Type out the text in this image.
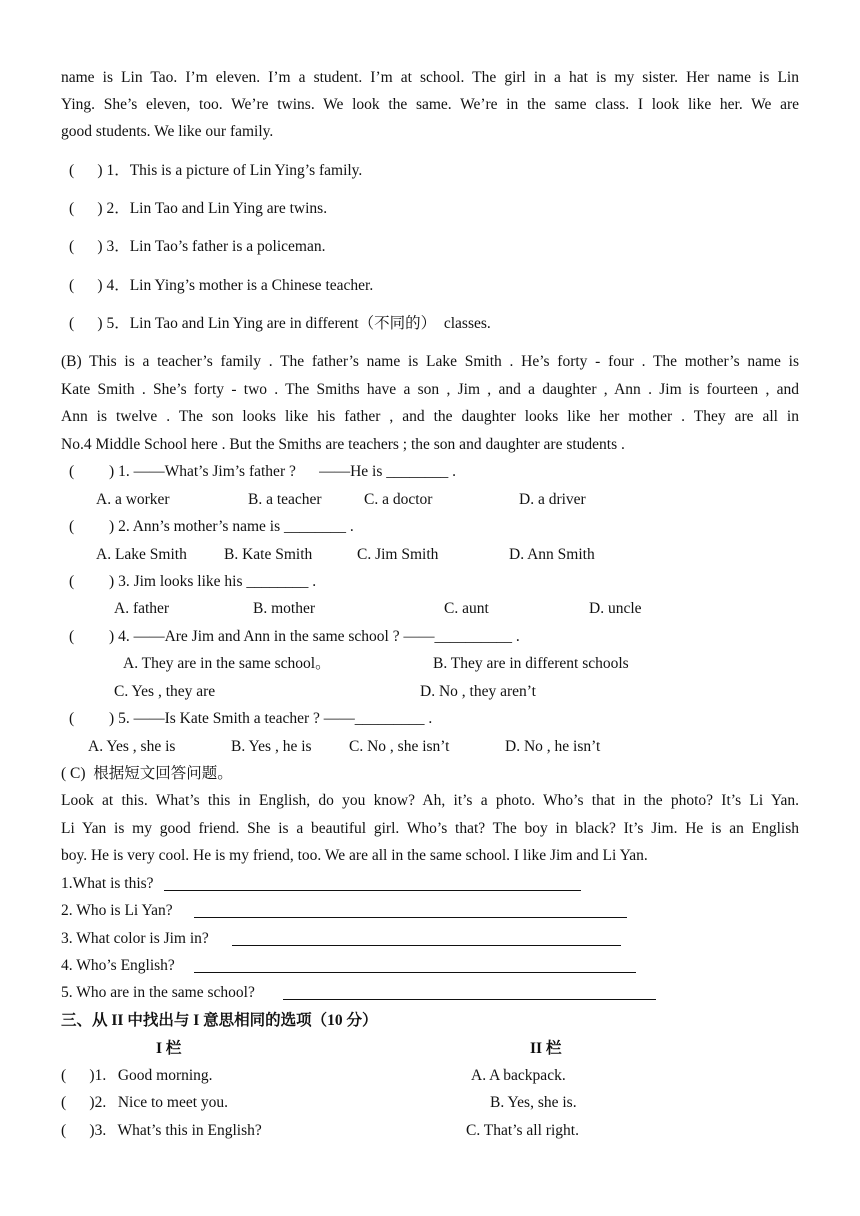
name is Lin Tao. I’m eleven. I’m a student. I’m at school. The girl in a hat is my sister. Her name is Lin
Ying. She’s eleven, too. We’re twins. We look the same. We’re in the same class. I look like her. We are
good students. We like our family.
(      ) 1．This is a picture of Lin Ying’s family.
(      ) 2．Lin Tao and Lin Ying are twins.
(      ) 3．Lin Tao’s father is a policeman.
(      ) 4．Lin Ying’s mother is a Chinese teacher.
(      ) 5．Lin Tao and Lin Ying are in different（不同的）  classes.
(B) This is a teacher’s family . The father’s name is Lake Smith . He’s forty - four . The mother’s name is
Kate Smith . She’s forty - two . The Smiths have a son , Jim , and a daughter , Ann . Jim is fourteen , and
Ann is twelve . The son looks like his father , and the daughter looks like her mother . They are all in
No.4 Middle School here . But the Smiths are teachers ; the son and daughter are students .
(         ) 1. ——What’s Jim’s father ?      ——He is ________ .
A. a worker	B. a teacher	C. a doctor	D. a driver
(         ) 2. Ann’s mother’s name is ________ .
A. Lake Smith B. Kate Smith	C. Jim Smith	D. Ann Smith
(         ) 3. Jim looks like his ________ .
A. father	B. mother	C. aunt	D. uncle
(         ) 4. ——Are Jim and Ann in the same school ? ——__________ .
A. They are in the same school。	B. They are in different schools
C. Yes , they are	D. No , they aren’t
(         ) 5. ——Is Kate Smith a teacher ? ——_________ .
A. Yes , she is	B. Yes , he is C. No , she isn’t	D. No , he isn’t
( C)  根据短文回答问题。
Look at this. What’s this in English, do you know? Ah, it’s a photo. Who’s that in the photo? It’s Li Yan.
Li Yan is my good friend. She is a beautiful girl. Who’s that? The boy in black? It’s Jim. He is an English
boy. He is very cool. He is my friend, too. We are all in the same school. I like Jim and Li Yan.
1.What is this?
2. Who is Li Yan?
3. What color is Jim in?
4. Who’s English?
5. Who are in the same school?
三、从 II 中找出与 I 意思相同的选项（10 分）
I 栏	II 栏
(      )1.   Good morning.	A. A backpack.
(      )2.   Nice to meet you.	B. Yes, she is.
(      )3.   What’s this in English?	C. That’s all right.
